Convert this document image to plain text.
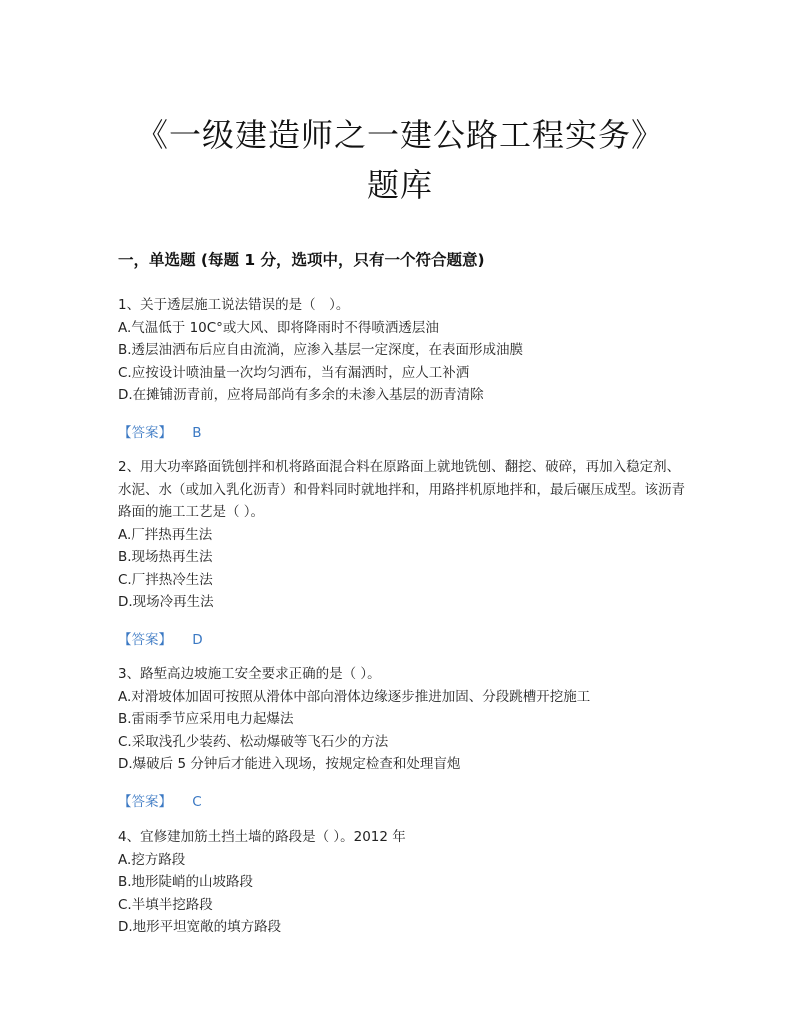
《一级建造师之一建公路工程实务》
题库
一，单选题 (每题 1 分，选项中，只有一个符合题意)

1、关于透层施工说法错误的是（　）。

A.气温低于 10C°或大风、即将降雨时不得喷洒透层油

B.透层油洒布后应自由流淌，应渗入基层一定深度，在表面形成油膜

C.应按设计喷油量一次均匀洒布，当有漏洒时，应人工补洒

D.在摊铺沥青前，应将局部尚有多余的未渗入基层的沥青清除

【答案】 B

2、用大功率路面铣刨拌和机将路面混合料在原路面上就地铣刨、翻挖、破碎，再加入稳定剂、水泥、水（或加入乳化沥青）和骨料同时就地拌和，用路拌机原地拌和，最后碾压成型。该沥青路面的施工工艺是（ ）。

A.厂拌热再生法

B.现场热再生法

C.厂拌热冷生法

D.现场冷再生法

【答案】 D

3、路堑高边坡施工安全要求正确的是（ ）。

A.对滑坡体加固可按照从滑体中部向滑体边缘逐步推进加固、分段跳槽开挖施工

B.雷雨季节应采用电力起爆法

C.采取浅孔少装药、松动爆破等飞石少的方法

D.爆破后 5 分钟后才能进入现场，按规定检查和处理盲炮

【答案】 C

4、宜修建加筋土挡土墙的路段是（ ）。2012 年

A.挖方路段

B.地形陡峭的山坡路段

C.半填半挖路段

D.地形平坦宽敞的填方路段
